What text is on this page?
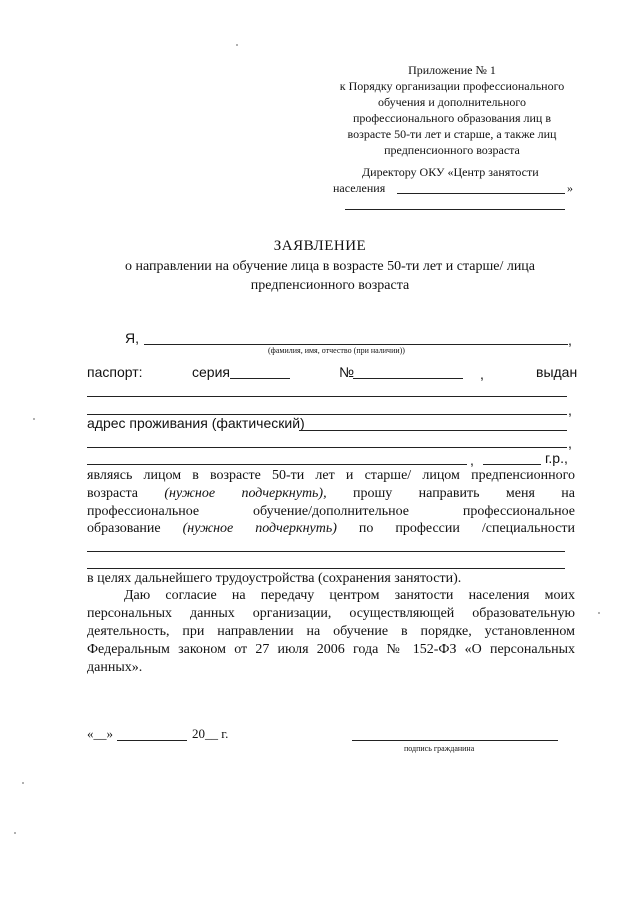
Приложение № 1
к Порядку организации профессионального
обучения и дополнительного
профессионального образования лиц в
возрасте 50-ти лет и старше, а также лиц
предпенсионного возраста
Директору ОКУ «Центр занятости
населения	»
ЗАЯВЛЕНИЕ
о направлении на обучение лица в возрасте 50-ти лет и старше/ лица
предпенсионного возраста
Я,	,
(фамилия, имя, отчество (при наличии))
паспорт:	серия	№	,	выдан
,
адрес проживания (фактический)
,
,	г.р.,
являясь лицом в возрасте 50-ти лет и старше/ лицом предпенсионного
возраста (нужное подчеркнуть), прошу направить меня на
профессиональное обучение/дополнительное профессиональное
образование (нужное подчеркнуть) по профессии /специальности
в целях дальнейшего трудоустройства (сохранения занятости).
Даю согласие на передачу центром занятости населения моих
персональных данных организации, осуществляющей образовательную
деятельность, при направлении на обучение в порядке, установленном
Федеральным законом от 27 июля 2006 года № 152-ФЗ «О персональных
данных».
«__»	20__ г.
подпись гражданина
